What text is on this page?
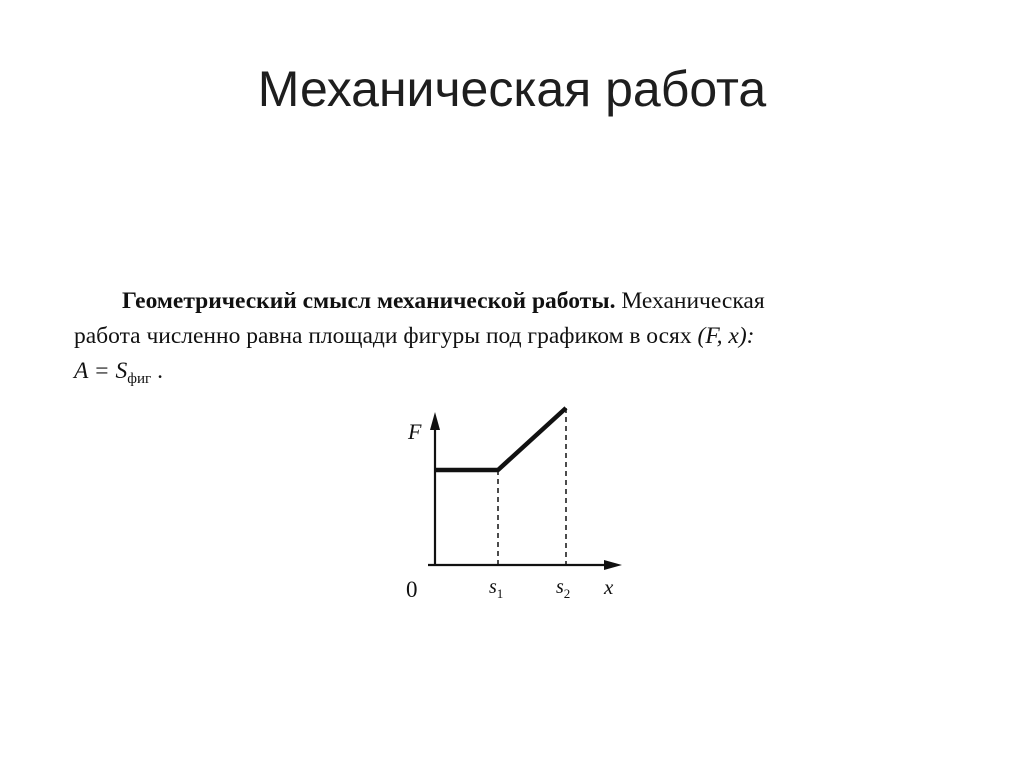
Механическая работа
Геометрический смысл механической работы. Механическая
работа численно равна площади фигуры под графиком в осях (F, x):
$A = S_{фиг}$ .
F
0	$s_1$	$s_2$ x
